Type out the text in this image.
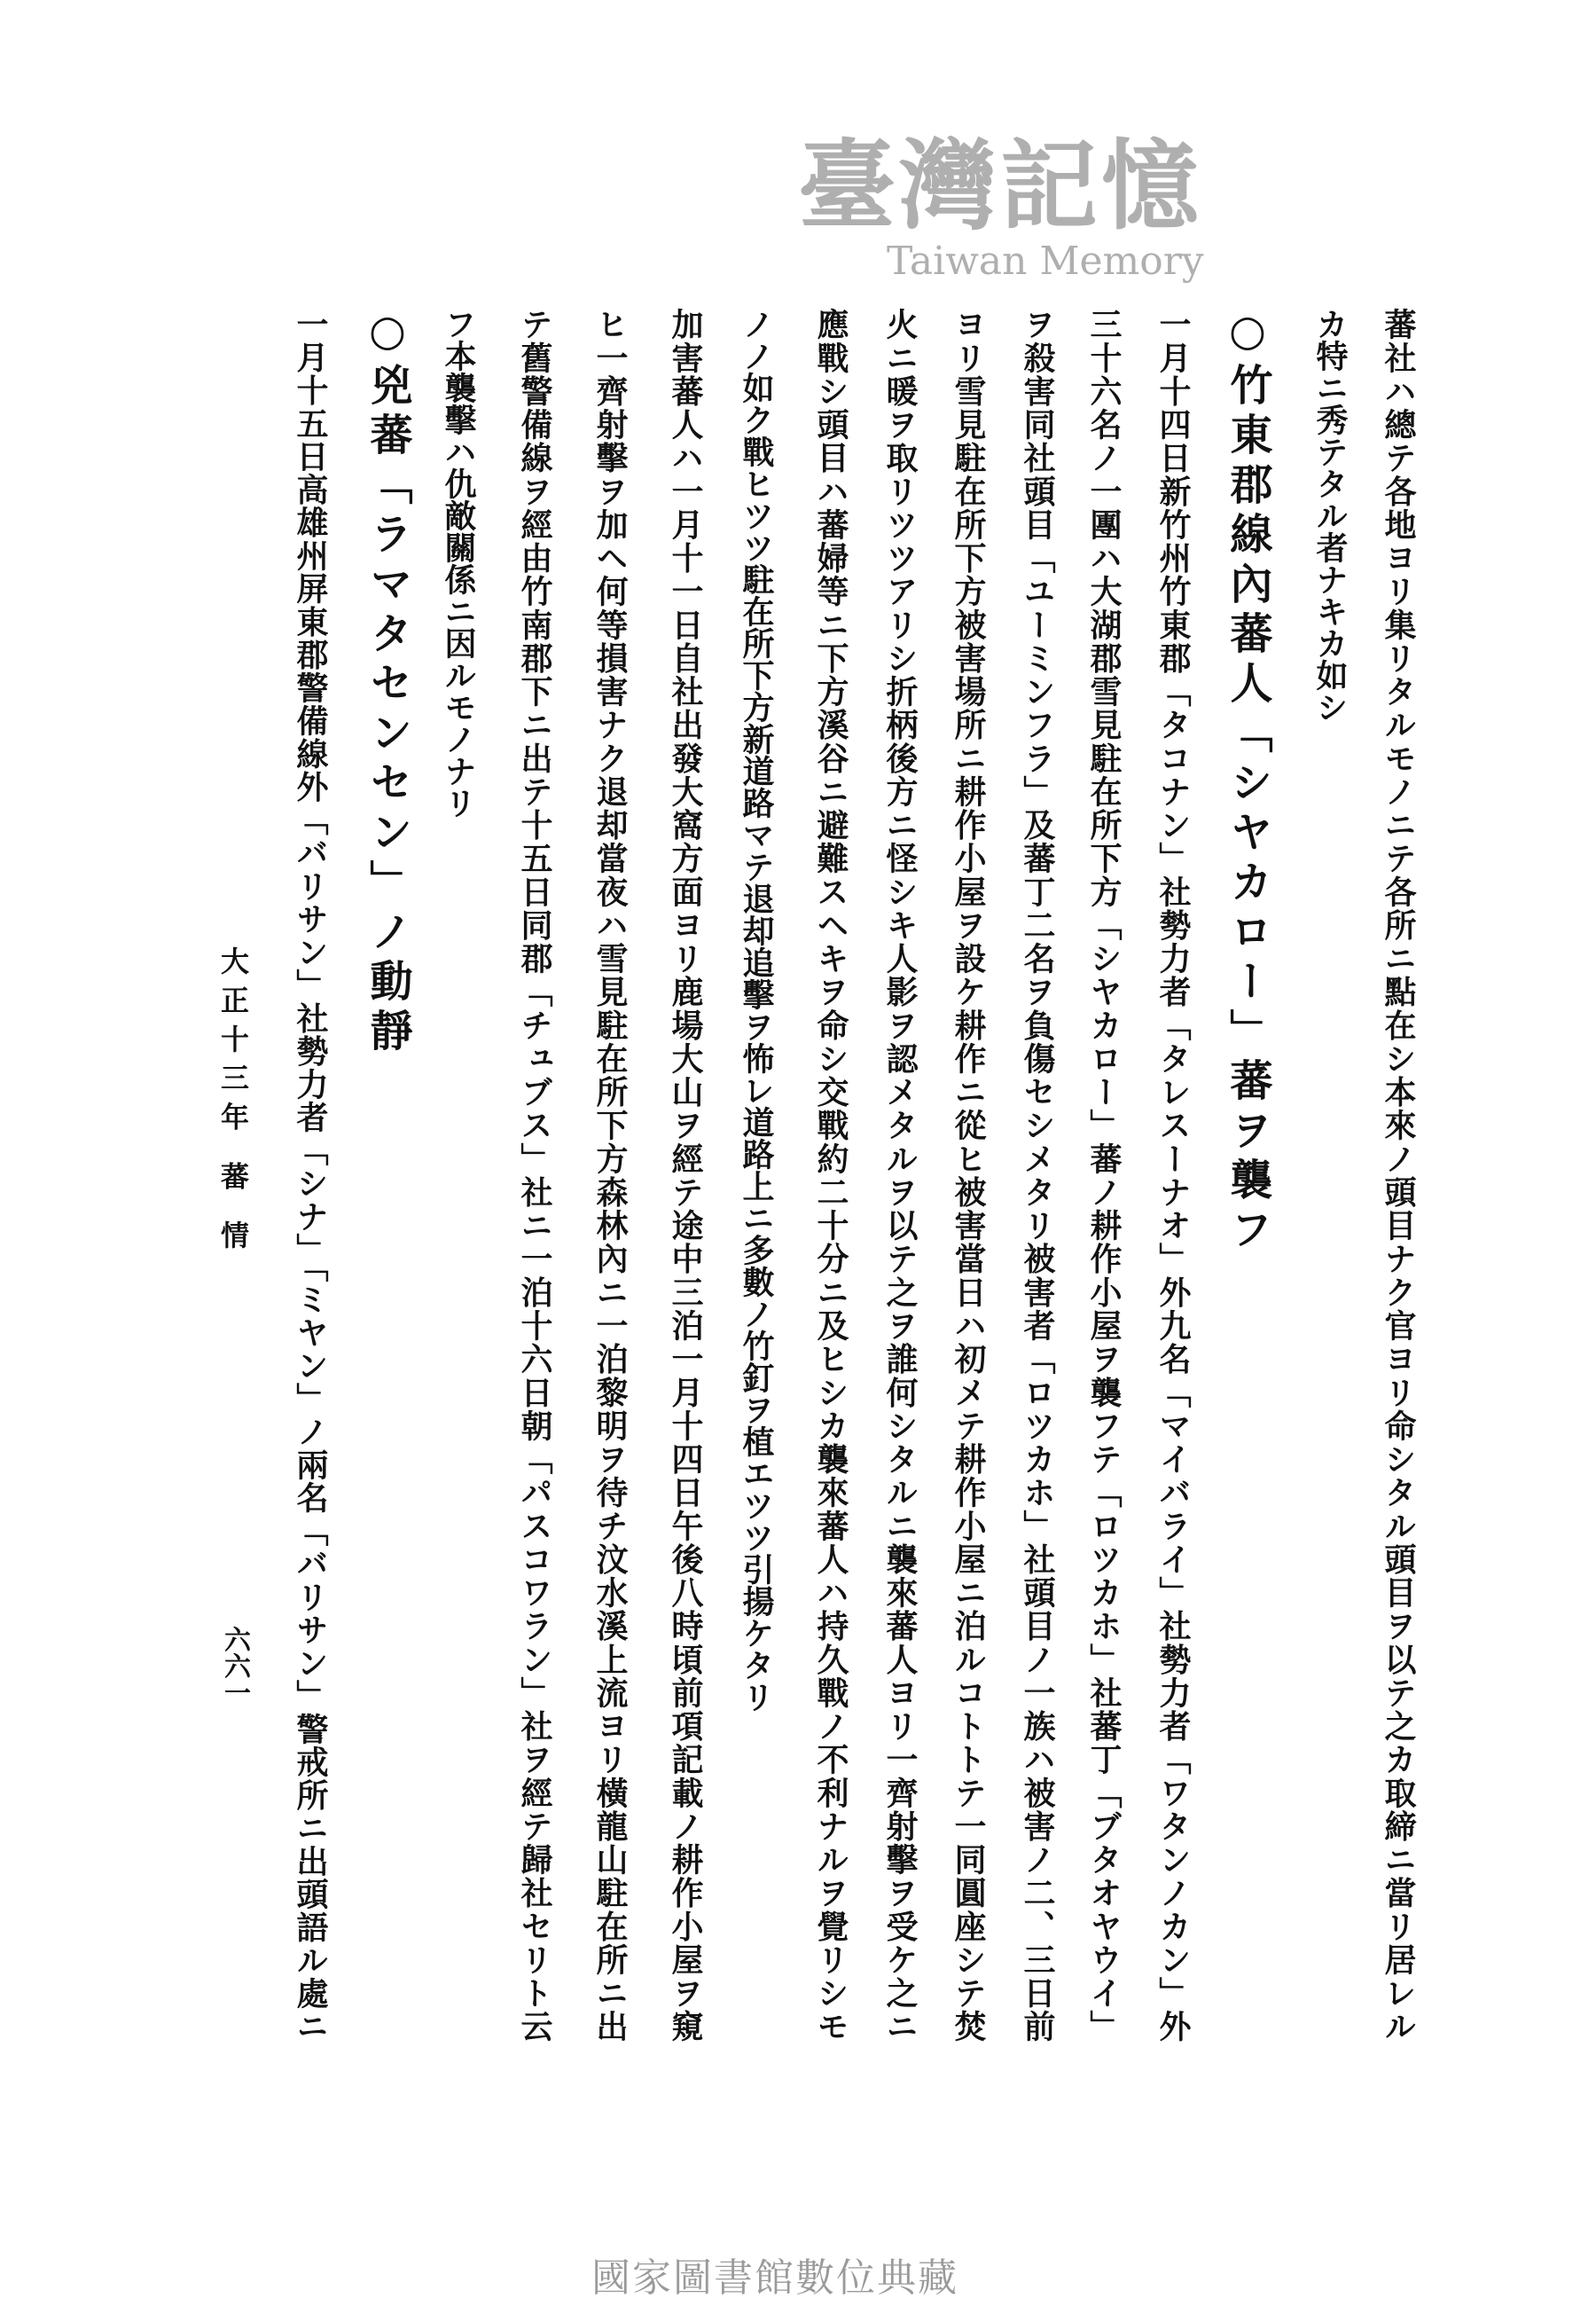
蕃社ハ總テ各地ヨリ集リタルモノニテ各所ニ點在シ本來ノ頭目ナク官ヨリ命シタル頭目ヲ以テ之カ取締ニ當リ居レル
カ特ニ秀テタル者ナキカ如シ
○竹東郡線內蕃人「シヤカロー」蕃ヲ襲フ
一月十四日新竹州竹東郡「タコナン」社勢力者「タレスーナオ」外九名「マイバライ」社勢力者「ワタンノカン」外
三十六名ノ一團ハ大湖郡雪見駐在所下方「シヤカロー」蕃ノ耕作小屋ヲ襲フテ「ロツカホ」社蕃丁「ブタオヤウイ」
ヲ殺害同社頭目「ユーミンフラ」及蕃丁二名ヲ負傷セシメタリ被害者「ロツカホ」社頭目ノ一族ハ被害ノ二、三日前
ヨリ雪見駐在所下方被害場所ニ耕作小屋ヲ設ケ耕作ニ從ヒ被害當日ハ初メテ耕作小屋ニ泊ルコトトテ一同圓座シテ焚
火ニ暖ヲ取リツツアリシ折柄後方ニ怪シキ人影ヲ認メタルヲ以テ之ヲ誰何シタルニ襲來蕃人ヨリ一齊射擊ヲ受ケ之ニ
應戰シ頭目ハ蕃婦等ニ下方溪谷ニ避難スヘキヲ命シ交戰約二十分ニ及ヒシカ襲來蕃人ハ持久戰ノ不利ナルヲ覺リシモ
ノノ如ク戰ヒツツ駐在所下方新道路マテ退却追擊ヲ怖レ道路上ニ多數ノ竹釘ヲ植エツツ引揚ケタリ
加害蕃人ハ一月十一日自社出發大窩方面ヨリ鹿場大山ヲ經テ途中三泊一月十四日午後八時頃前項記載ノ耕作小屋ヲ窺
ヒ一齊射擊ヲ加ヘ何等損害ナク退却當夜ハ雪見駐在所下方森林內ニ一泊黎明ヲ待チ汶水溪上流ヨリ橫龍山駐在所ニ出
テ舊警備線ヲ經由竹南郡下ニ出テ十五日同郡「チュブス」社ニ一泊十六日朝「パスコワラン」社ヲ經テ歸社セリト云
フ本襲擊ハ仇敵關係ニ因ルモノナリ
○兇蕃「ラマタセンセン」ノ動靜
一月十五日高雄州屏東郡警備線外「バリサン」社勢力者「シナ」「ミヤン」ノ兩名「バリサン」警戒所ニ出頭語ル處ニ
大正十三年 蕃 情
六六一
臺灣記憶
Taiwan Memory
國家圖書館數位典藏
